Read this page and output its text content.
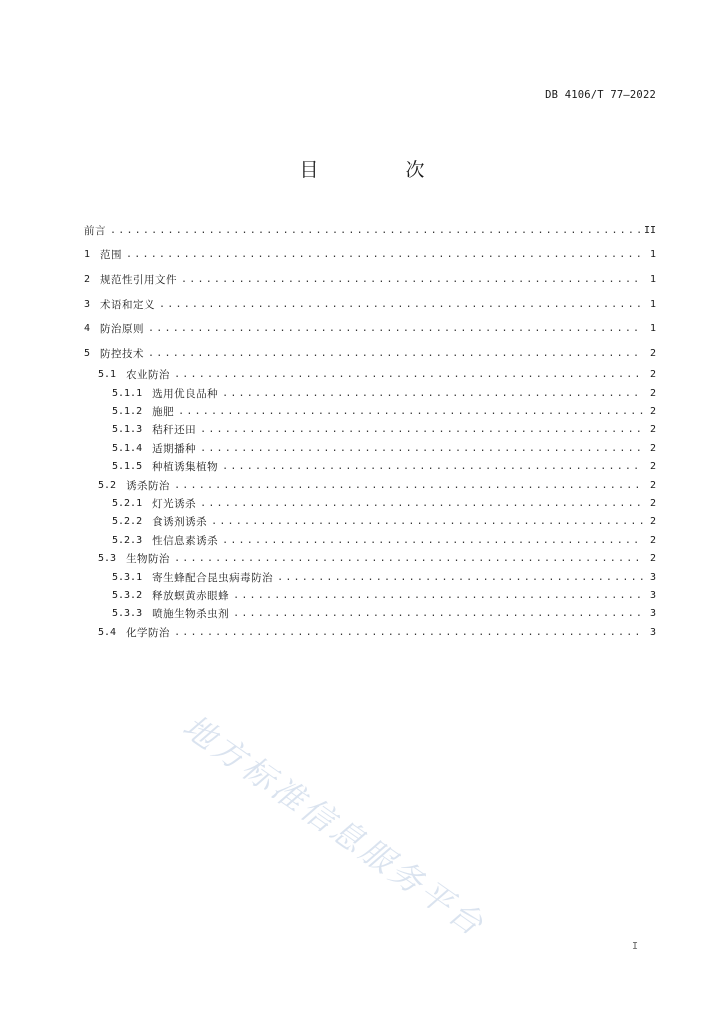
DB 4106/T 77—2022
目　次
前言 .....	II
1 范围 .....	1
2 规范性引用文件 .....	1
3 术语和定义 .....	1
4 防治原则 .....	1
5 防控技术 .....	2
5.1 农业防治 .....	2
5.1.1 选用优良品种 .....	2
5.1.2 施肥 .....	2
5.1.3 秸秆还田 .....	2
5.1.4 适期播种 .....	2
5.1.5 种植诱集植物 .....	2
5.2 诱杀防治 .....	2
5.2.1 灯光诱杀 .....	2
5.2.2 食诱剂诱杀 .....	2
5.2.3 性信息素诱杀 .....	2
5.3 生物防治 .....	2
5.3.1 寄生蜂配合昆虫病毒防治 .....	3
5.3.2 释放螟黄赤眼蜂 .....	3
5.3.3 喷施生物杀虫剂 .....	3
5.4 化学防治 .....	3
地方标准信息服务平台
I
